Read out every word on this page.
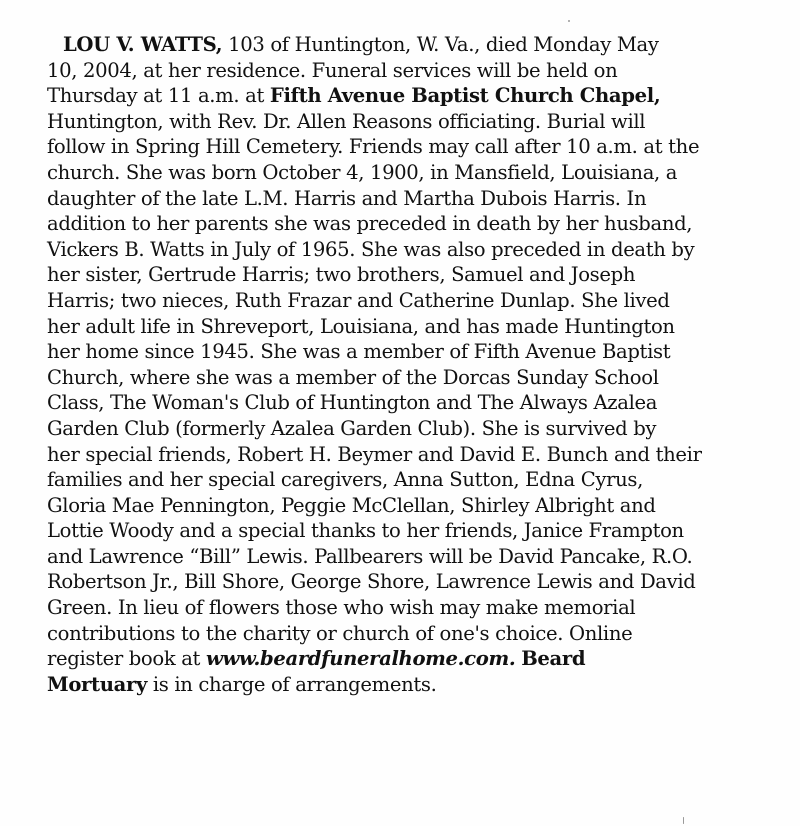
LOU V. WATTS, 103 of Huntington, W. Va., died Monday May
10, 2004, at her residence. Funeral services will be held on
Thursday at 11 a.m. at Fifth Avenue Baptist Church Chapel,
Huntington, with Rev. Dr. Allen Reasons officiating. Burial will
follow in Spring Hill Cemetery. Friends may call after 10 a.m. at the
church. She was born October 4, 1900, in Mansfield, Louisiana, a
daughter of the late L.M. Harris and Martha Dubois Harris. In
addition to her parents she was preceded in death by her husband,
Vickers B. Watts in July of 1965. She was also preceded in death by
her sister, Gertrude Harris; two brothers, Samuel and Joseph
Harris; two nieces, Ruth Frazar and Catherine Dunlap. She lived
her adult life in Shreveport, Louisiana, and has made Huntington
her home since 1945. She was a member of Fifth Avenue Baptist
Church, where she was a member of the Dorcas Sunday School
Class, The Woman's Club of Huntington and The Always Azalea
Garden Club (formerly Azalea Garden Club). She is survived by
her special friends, Robert H. Beymer and David E. Bunch and their
families and her special caregivers, Anna Sutton, Edna Cyrus,
Gloria Mae Pennington, Peggie McClellan, Shirley Albright and
Lottie Woody and a special thanks to her friends, Janice Frampton
and Lawrence “Bill” Lewis. Pallbearers will be David Pancake, R.O.
Robertson Jr., Bill Shore, George Shore, Lawrence Lewis and David
Green. In lieu of flowers those who wish may make memorial
contributions to the charity or church of one's choice. Online
register book at www.beardfuneralhome.com. Beard
Mortuary is in charge of arrangements.
